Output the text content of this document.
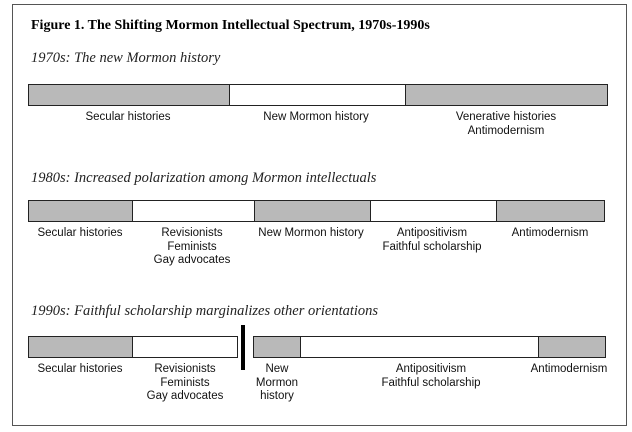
Figure 1. The Shifting Mormon Intellectual Spectrum, 1970s-1990s
1970s: The new Mormon history
1980s: Increased polarization among Mormon intellectuals
1990s: Faithful scholarship marginalizes other orientations
Secular histories	New Mormon history	Venerative histories
Antimodernism
Secular histories	Revisionists
Feminists
Gay advocates
New Mormon history	Antipositivism
Faithful scholarship
Antimodernism
Secular histories	Revisionists
Feminists
Gay advocates
New
Mormon
history
Antipositivism
Faithful scholarship
Antimodernism
